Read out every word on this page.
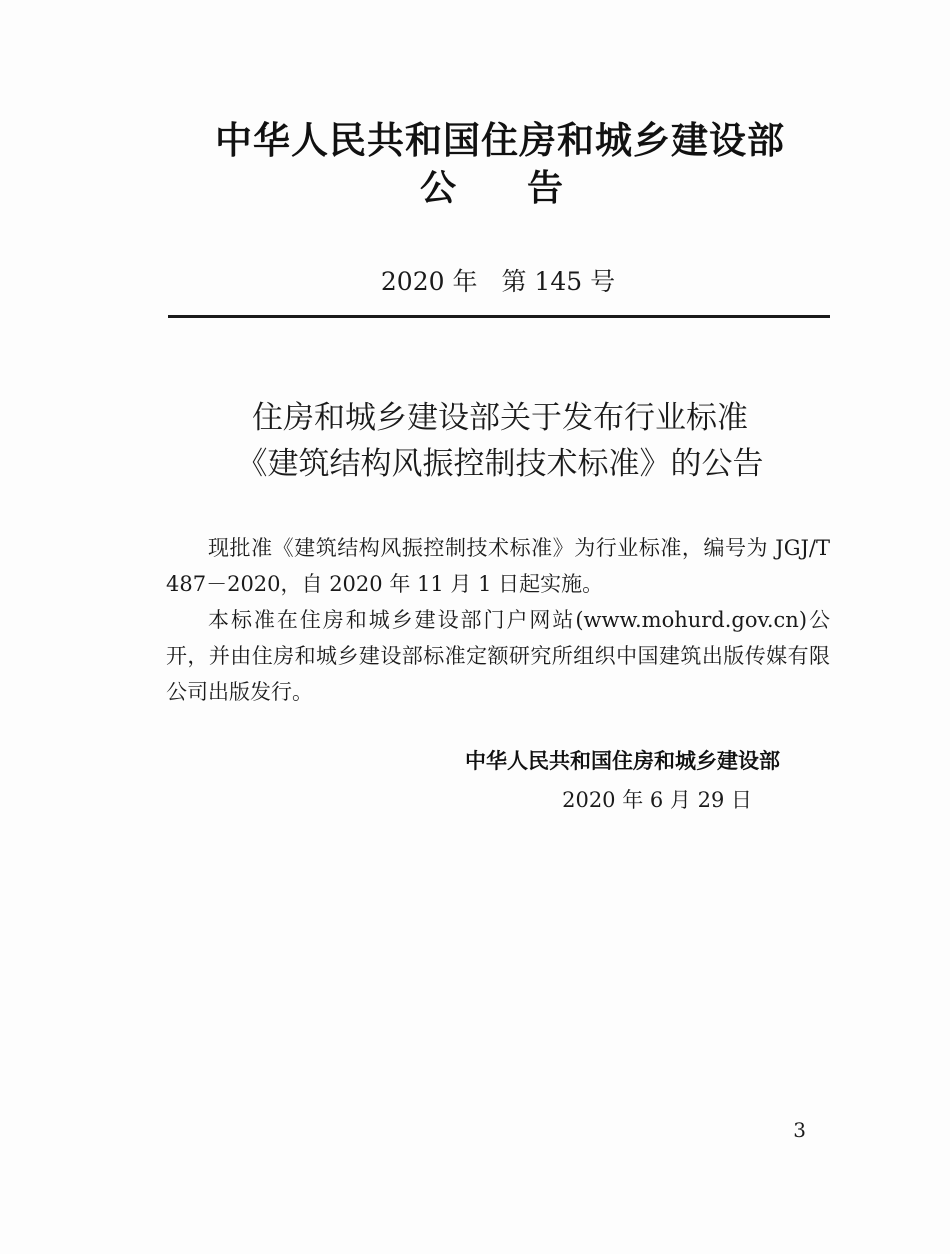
中华人民共和国住房和城乡建设部
公 告
2020 年 第 145 号
住房和城乡建设部关于发布行业标准
《建筑结构风振控制技术标准》的公告

现批准《建筑结构风振控制技术标准》为行业标准，编号为 JGJ/T 487－2020，自 2020 年 11 月 1 日起实施。

本标准在住房和城乡建设部门户网站(www.mohurd.gov.cn)公开，并由住房和城乡建设部标准定额研究所组织中国建筑出版传媒有限公司出版发行。

中华人民共和国住房和城乡建设部
2020 年 6 月 29 日
3
